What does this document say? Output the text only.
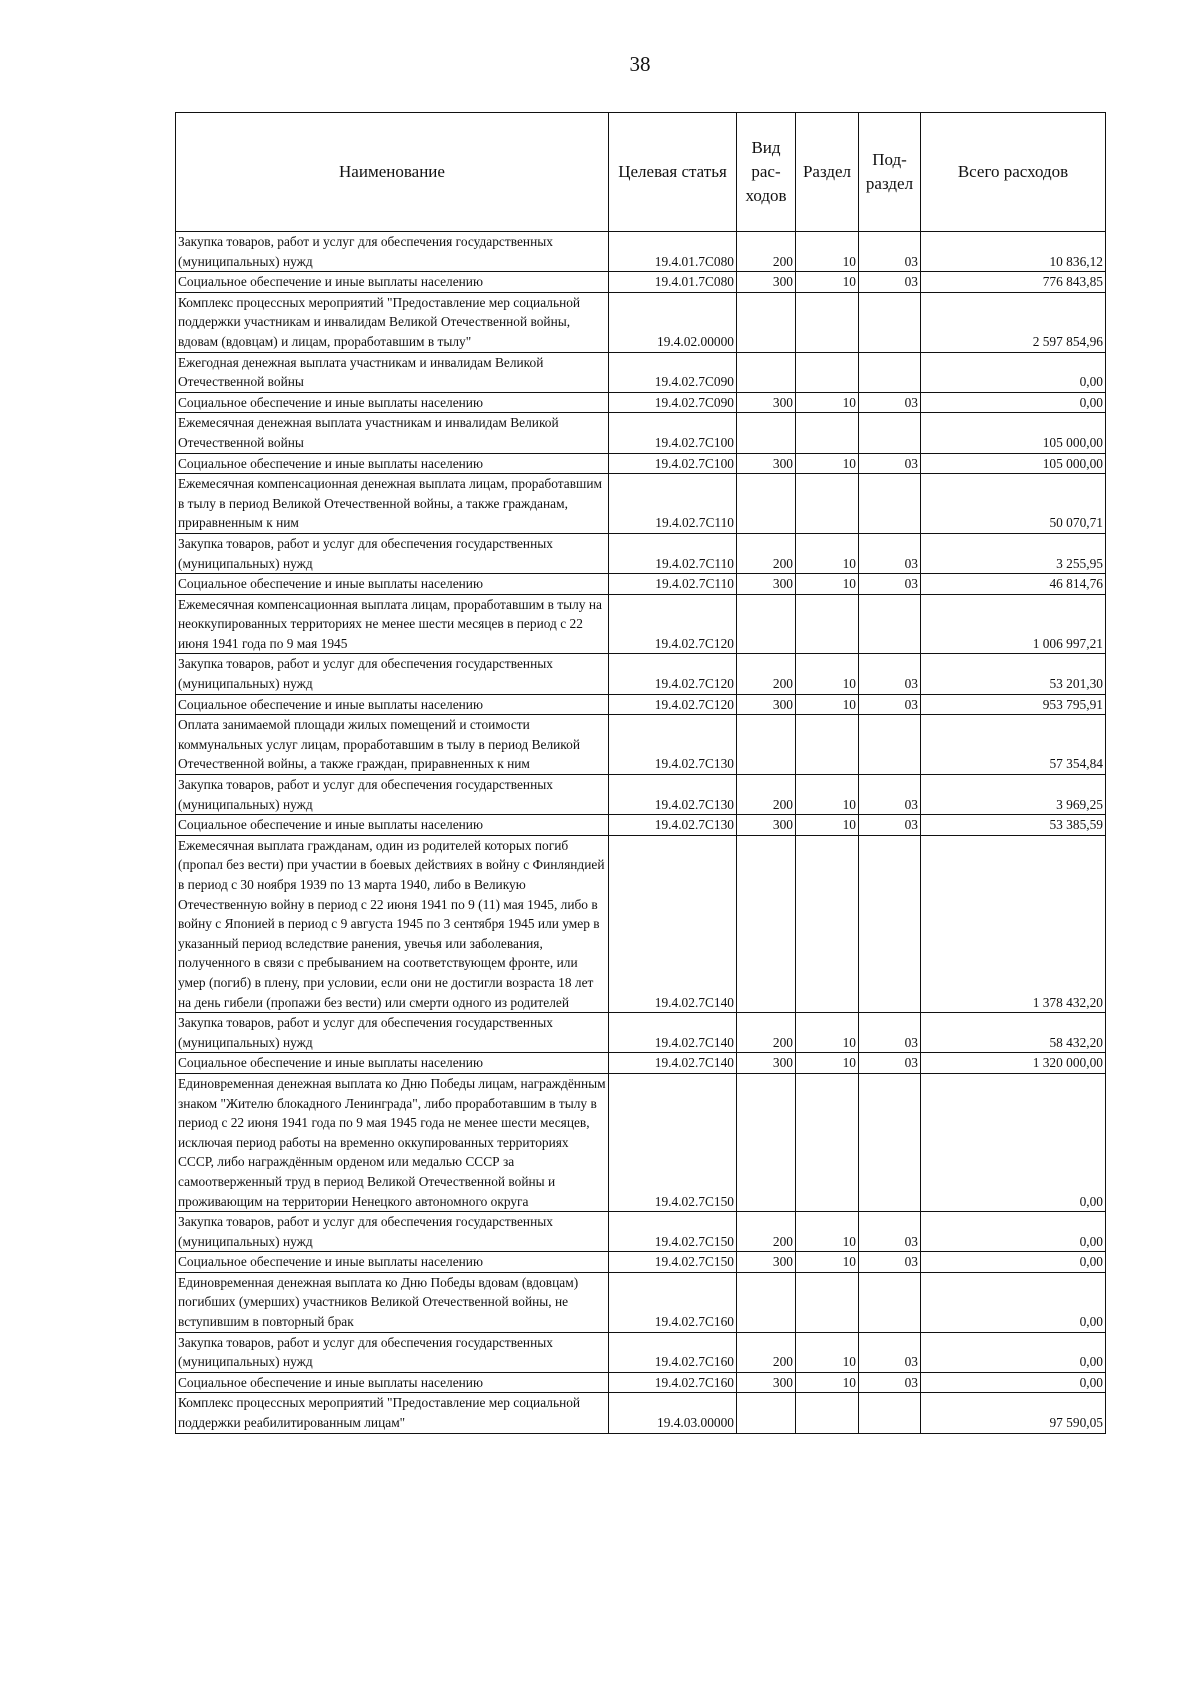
38
Наименование	Целевая статья	Вид рас- ходов	Раздел	Под- раздел	Всего расходов
Закупка товаров, работ и услуг для обеспечения государственных (муниципальных) нужд	19.4.01.7С080	200	10	03	10 836,12
Социальное обеспечение и иные выплаты населению	19.4.01.7С080	300	10	03	776 843,85
Комплекс процессных мероприятий "Предоставление мер социальной поддержки участникам и инвалидам Великой Отечественной войны, вдовам (вдовцам) и лицам, проработавшим в тылу"	19.4.02.00000				2 597 854,96
Ежегодная денежная выплата участникам и инвалидам Великой Отечественной войны	19.4.02.7С090				0,00
Социальное обеспечение и иные выплаты населению	19.4.02.7С090	300	10	03	0,00
Ежемесячная денежная выплата участникам и инвалидам Великой Отечественной войны	19.4.02.7С100				105 000,00
Социальное обеспечение и иные выплаты населению	19.4.02.7С100	300	10	03	105 000,00
Ежемесячная компенсационная денежная выплата лицам, проработавшим в тылу в период Великой Отечественной войны, а также гражданам, приравненным к ним	19.4.02.7С110				50 070,71
Закупка товаров, работ и услуг для обеспечения государственных (муниципальных) нужд	19.4.02.7С110	200	10	03	3 255,95
Социальное обеспечение и иные выплаты населению	19.4.02.7С110	300	10	03	46 814,76
Ежемесячная компенсационная выплата лицам, проработавшим в тылу на неоккупированных территориях не менее шести месяцев в период с 22 июня 1941 года по 9 мая 1945	19.4.02.7С120				1 006 997,21
Закупка товаров, работ и услуг для обеспечения государственных (муниципальных) нужд	19.4.02.7С120	200	10	03	53 201,30
Социальное обеспечение и иные выплаты населению	19.4.02.7С120	300	10	03	953 795,91
Оплата занимаемой площади жилых помещений и стоимости коммунальных услуг лицам, проработавшим в тылу в период Великой Отечественной войны, а также граждан, приравненных к ним	19.4.02.7С130				57 354,84
Закупка товаров, работ и услуг для обеспечения государственных (муниципальных) нужд	19.4.02.7С130	200	10	03	3 969,25
Социальное обеспечение и иные выплаты населению	19.4.02.7С130	300	10	03	53 385,59
Ежемесячная выплата гражданам, один из родителей которых погиб (пропал без вести) при участии в боевых действиях в войну с Финляндией в период с 30 ноября 1939 по 13 марта 1940, либо в Великую Отечественную войну в период с 22 июня 1941 по 9 (11) мая 1945, либо в войну с Японией в период с 9 августа 1945 по 3 сентября 1945 или умер в указанный период вследствие ранения, увечья или заболевания, полученного в связи с пребыванием на соответствующем фронте, или умер (погиб) в плену, при условии, если они не достигли возраста 18 лет на день гибели (пропажи без вести) или смерти одного из родителей	19.4.02.7С140				1 378 432,20
Закупка товаров, работ и услуг для обеспечения государственных (муниципальных) нужд	19.4.02.7С140	200	10	03	58 432,20
Социальное обеспечение и иные выплаты населению	19.4.02.7С140	300	10	03	1 320 000,00
Единовременная денежная выплата ко Дню Победы лицам, награждённым знаком "Жителю блокадного Ленинграда", либо проработавшим в тылу в период с 22 июня 1941 года по 9 мая 1945 года не менее шести месяцев, исключая период работы на временно оккупированных территориях СССР, либо награждённым орденом или медалью СССР за самоотверженный труд в период Великой Отечественной войны и проживающим на территории Ненецкого автономного округа	19.4.02.7С150				0,00
Закупка товаров, работ и услуг для обеспечения государственных (муниципальных) нужд	19.4.02.7С150	200	10	03	0,00
Социальное обеспечение и иные выплаты населению	19.4.02.7С150	300	10	03	0,00
Единовременная денежная выплата ко Дню Победы вдовам (вдовцам) погибших (умерших) участников Великой Отечественной войны, не вступившим в повторный брак	19.4.02.7С160				0,00
Закупка товаров, работ и услуг для обеспечения государственных (муниципальных) нужд	19.4.02.7С160	200	10	03	0,00
Социальное обеспечение и иные выплаты населению	19.4.02.7С160	300	10	03	0,00
Комплекс процессных мероприятий "Предоставление мер социальной поддержки реабилитированным лицам"	19.4.03.00000				97 590,05
